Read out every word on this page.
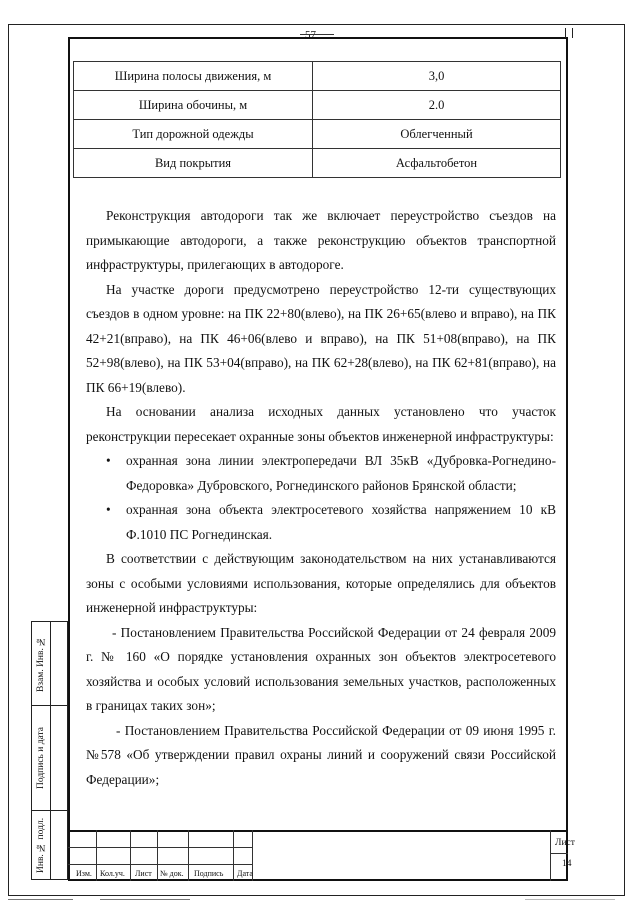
57
Ширина полосы движения, м	3,0
Ширина обочины, м	2.0
Тип дорожной одежды	Облегченный
Вид покрытия	Асфальтобетон

Реконструкция автодороги так же включает переустройство съездов на примыкающие автодороги, а также реконструкцию объектов транспортной инфраструктуры, прилегающих в автодороге.

На участке дороги предусмотрено переустройство 12-ти существующих съездов в одном уровне: на ПК 22+80(влево), на ПК 26+65(влево и вправо), на ПК 42+21(вправо), на ПК 46+06(влево и вправо), на ПК 51+08(вправо), на ПК 52+98(влево), на ПК 53+04(вправо), на ПК 62+28(влево), на ПК 62+81(вправо), на ПК 66+19(влево).

На основании анализа исходных данных установлено что участок реконструкции пересекает охранные зоны объектов инженерной инфраструктуры:

•	охранная зона линии электропередачи ВЛ 35кВ «Дубровка-Рогнедино-Федоровка» Дубровского, Рогнединского районов Брянской области;
•	охранная зона объекта электросетевого хозяйства напряжением 10 кВ Ф.1010 ПС Рогнединская.

В соответствии с действующим законодательством на них устанавливаются зоны с особыми условиями использования, которые определялись для объектов инженерной инфраструктуры:

- Постановлением Правительства Российской Федерации от 24 февраля 2009 г. № 160 «О порядке установления охранных зон объектов электросетевого хозяйства и особых условий использования земельных участков, расположенных в границах таких зон»;

- Постановлением Правительства Российской Федерации от 09 июня 1995 г. №578 «Об утверждении правил охраны линий и сооружений связи Российской Федерации»;

Взам. Инв. №
Подпись и дата
Инв. № подл.
Изм. Кол.уч. Лист № док. Подпись Дата
Лист
14
